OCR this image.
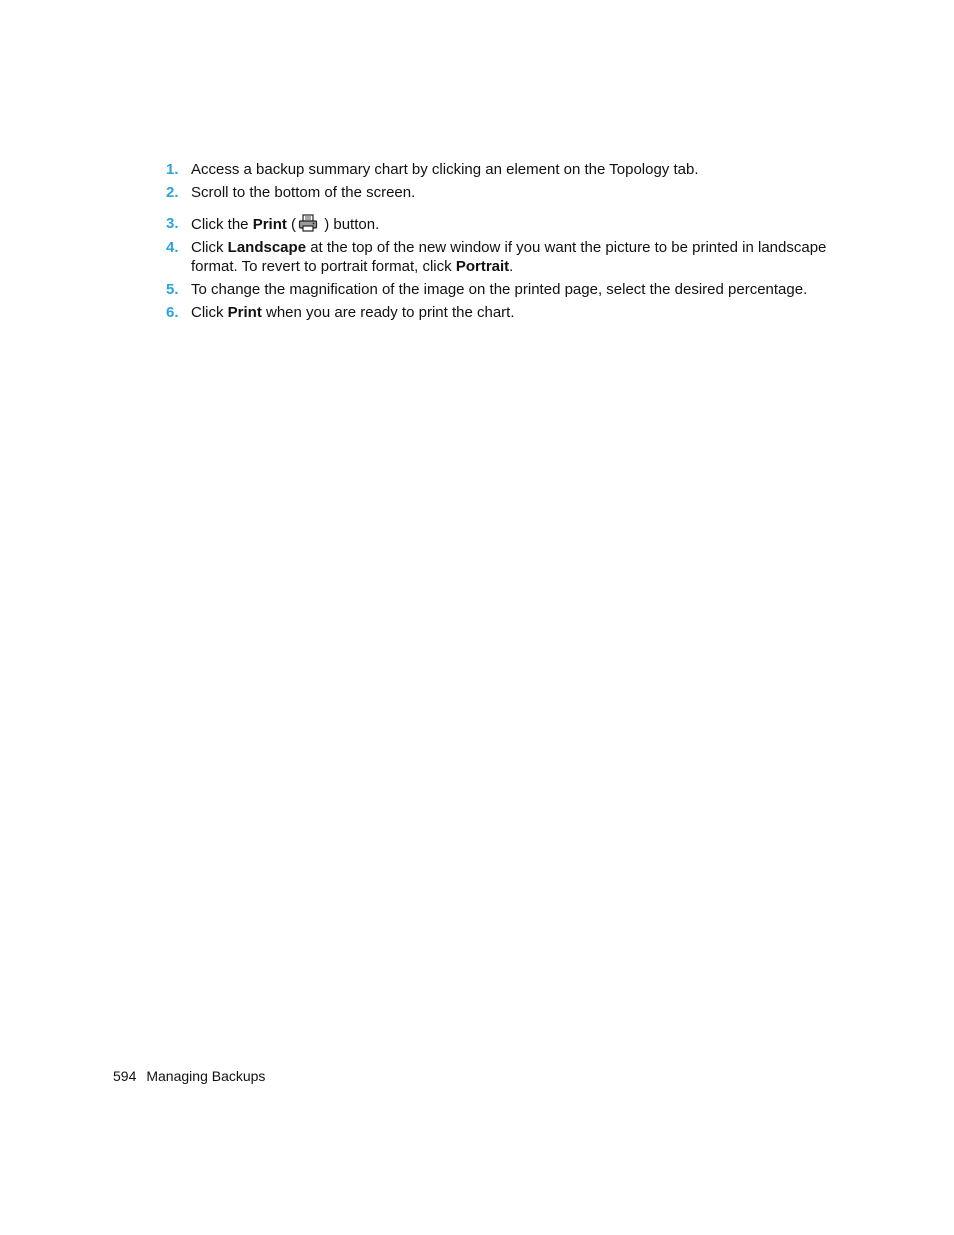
1. Access a backup summary chart by clicking an element on the Topology tab.
2. Scroll to the bottom of the screen.
3. Click the Print ( ) button.
4. Click Landscape at the top of the new window if you want the picture to be printed in landscape format. To revert to portrait format, click Portrait.
5. To change the magnification of the image on the printed page, select the desired percentage.
6. Click Print when you are ready to print the chart.
594 Managing Backups
